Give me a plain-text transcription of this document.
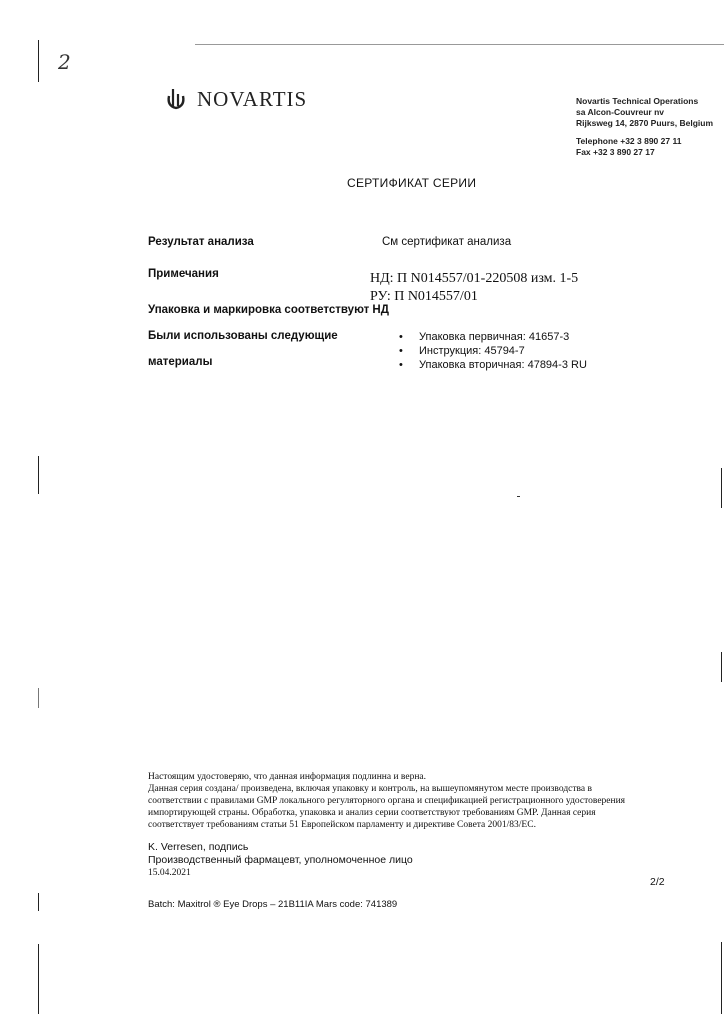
2
NOVARTIS	Novartis Technical Operations
sa Alcon-Couvreur nv
Rijksweg 14, 2870 Puurs, Belgium
Telephone +32 3 890 27 11
Fax +32 3 890 27 17
СЕРТИФИКАТ СЕРИИ
Результат анализа	См сертификат анализа
Примечания	НД: П N014557/01-220508 изм. 1-5
РУ: П N014557/01
Упаковка и маркировка соответствуют НД
Были использованы следующие
материалы
• Упаковка первичная: 41657-3
• Инструкция: 45794-7
• Упаковка вторичная: 47894-3 RU
Настоящим удостоверяю, что данная информация подлинна и верна.
Данная серия создана/ произведена, включая упаковку и контроль, на вышеупомянутом месте производства в
соответствии с правилами GMP локального регуляторного органа и спецификацией регистрационного удостоверения
импортирующей страны. Обработка, упаковка и анализ серии соответствуют требованиям GMP. Данная серия
соответствует требованиям статьи 51 Европейском парламенту и директиве Совета 2001/83/ЕС.
K. Verresen, подпись
Производственный фармацевт, уполномоченное лицо
15.04.2021
2/2
Batch: Maxitrol ® Eye Drops – 21B11IA Mars code: 741389
